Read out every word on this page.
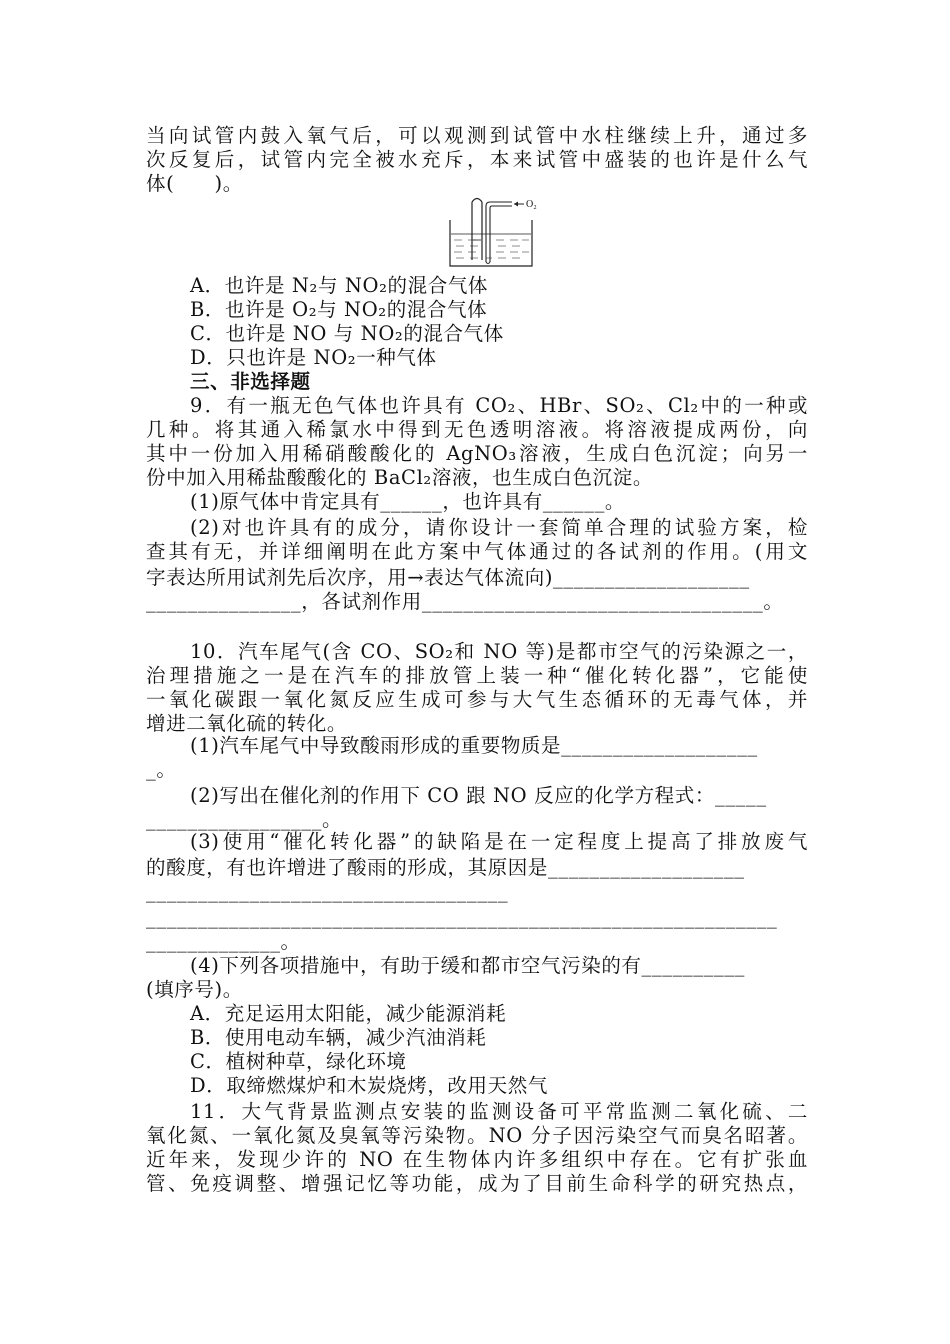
当向试管内鼓入氧气后，可以观测到试管中水柱继续上升，通过多
次反复后，试管内完全被水充斥，本来试管中盛装的也许是什么气
体(　　)。
O₂
A．也许是 N₂与 NO₂的混合气体
B．也许是 O₂与 NO₂的混合气体
C．也许是 NO 与 NO₂的混合气体
D．只也许是 NO₂一种气体
三、非选择题
9．有一瓶无色气体也许具有 CO₂、HBr、SO₂、Cl₂中的一种或
几种。将其通入稀氯水中得到无色透明溶液。将溶液提成两份，向
其中一份加入用稀硝酸酸化的 AgNO₃溶液，生成白色沉淀；向另一
份中加入用稀盐酸酸化的 BaCl₂溶液，也生成白色沉淀。
(1)原气体中肯定具有______，也许具有______。
(2)对也许具有的成分，请你设计一套简单合理的试验方案，检
查其有无，并详细阐明在此方案中气体通过的各试剂的作用。(用文
字表达所用试剂先后次序，用→表达气体流向)___________________
_______________，各试剂作用_________________________________。
10．汽车尾气(含 CO、SO₂和 NO 等)是都市空气的污染源之一，
治理措施之一是在汽车的排放管上装一种“催化转化器”，它能使
一氧化碳跟一氧化氮反应生成可参与大气生态循环的无毒气体，并
增进二氧化硫的转化。
(1)汽车尾气中导致酸雨形成的重要物质是___________________
_。
(2)写出在催化剂的作用下 CO 跟 NO 反应的化学方程式：_____
_________________。
(3)使用“催化转化器”的缺陷是在一定程度上提高了排放废气
的酸度，有也许增进了酸雨的形成，其原因是___________________
___________________________________
_____________________________________________________________
_____________。
(4)下列各项措施中，有助于缓和都市空气污染的有__________
(填序号)。
A．充足运用太阳能，减少能源消耗
B．使用电动车辆，减少汽油消耗
C．植树种草，绿化环境
D．取缔燃煤炉和木炭烧烤，改用天然气
11．大气背景监测点安装的监测设备可平常监测二氧化硫、二
氧化氮、一氧化氮及臭氧等污染物。NO 分子因污染空气而臭名昭著。
近年来，发现少许的 NO 在生物体内许多组织中存在。它有扩张血
管、免疫调整、增强记忆等功能，成为了目前生命科学的研究热点，
